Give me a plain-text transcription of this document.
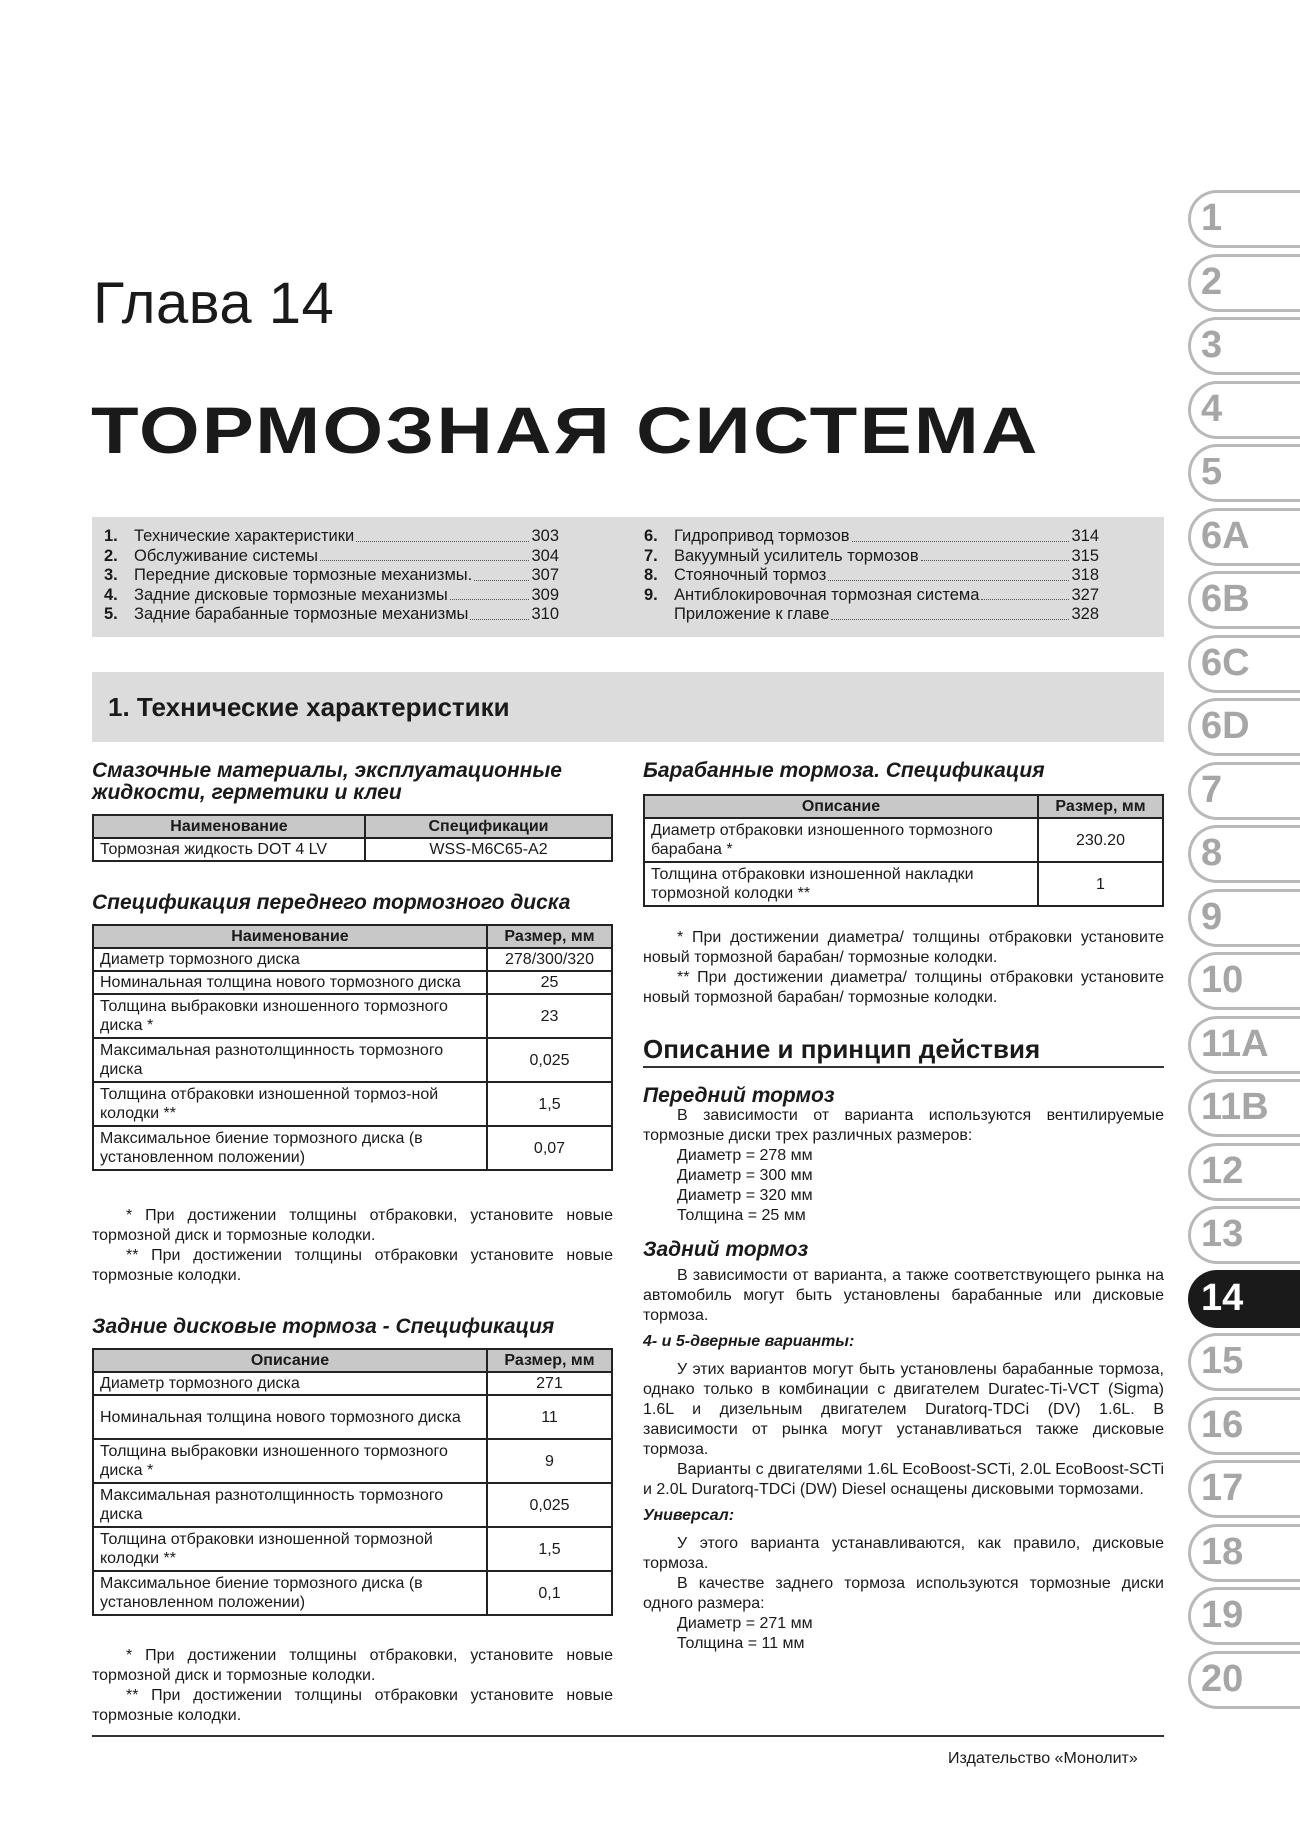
Глава 14
ТОРМОЗНАЯ СИСТЕМА
1. Технические характеристики	303
2. Обслуживание системы	304
3. Передние дисковые тормозные механизмы.	307
4. Задние дисковые тормозные механизмы	309
5. Задние барабанные тормозные механизмы	310
6. Гидропривод тормозов	314
7. Вакуумный усилитель тормозов	315
8. Стояночный тормоз	318
9. Антиблокировочная тормозная система	327
Приложение к главе	328
1. Технические характеристики
Смазочные материалы, эксплуатационные жидкости, герметики и клеи
Наименование	Спецификации
Тормозная жидкость DOT 4 LV	WSS-M6C65-A2
Спецификация переднего тормозного диска
Наименование	Размер, мм
Диаметр тормозного диска	278/300/320
Номинальная толщина нового тормозного диска	25
Толщина выбраковки изношенного тормозного диска *	23
Максимальная разнотолщинность тормозного диска	0,025
Толщина отбраковки изношенной тормоз-ной колодки **	1,5
Максимальное биение тормозного диска (в установленном положении)	0,07
* При достижении толщины отбраковки, установите новые тормозной диск и тормозные колодки.
** При достижении толщины отбраковки установите новые тормозные колодки.
Задние дисковые тормоза - Спецификация
Описание	Размер, мм
Диаметр тормозного диска	271
Номинальная толщина нового тормозного диска	11
Толщина выбраковки изношенного тормозного диска *	9
Максимальная разнотолщинность тормозного диска	0,025
Толщина отбраковки изношенной тормозной колодки **	1,5
Максимальное биение тормозного диска (в установленном положении)	0,1
* При достижении толщины отбраковки, установите новые тормозной диск и тормозные колодки.
** При достижении толщины отбраковки установите новые тормозные колодки.
Барабанные тормоза. Спецификация
Описание	Размер, мм
Диаметр отбраковки изношенного тормозного барабана *	230.20
Толщина отбраковки изношенной накладки тормозной колодки **	1
* При достижении диаметра/ толщины отбраковки установите новый тормозной барабан/ тормозные колодки.
** При достижении диаметра/ толщины отбраковки установите новый тормозной барабан/ тормозные колодки.
Описание и принцип действия
Передний тормоз
В зависимости от варианта используются вентилируемые тормозные диски трех различных размеров:
Диаметр = 278 мм
Диаметр = 300 мм
Диаметр = 320 мм
Толщина = 25 мм
Задний тормоз
В зависимости от варианта, а также соответствующего рынка на автомобиль могут быть установлены барабанные или дисковые тормоза.
4- и 5-дверные варианты:
У этих вариантов могут быть установлены барабанные тормоза, однако только в комбинации с двигателем Duratec-Ti-VCT (Sigma) 1.6L и дизельным двигателем Duratorq-TDCi (DV) 1.6L. В зависимости от рынка могут устанавливаться также дисковые тормоза.
Варианты с двигателями 1.6L EcoBoost-SCTi, 2.0L EcoBoost-SCTi и 2.0L Duratorq-TDCi (DW) Diesel оснащены дисковыми тормозами.
Универсал:
У этого варианта устанавливаются, как правило, дисковые тормоза.
В качестве заднего тормоза используются тормозные диски одного размера:
Диаметр = 271 мм
Толщина = 11 мм
Издательство «Монолит»
1
2
3
4
5
6A
6B
6C
6D
7
8
9
10
11A
11B
12
13
14
15
16
17
18
19
20
